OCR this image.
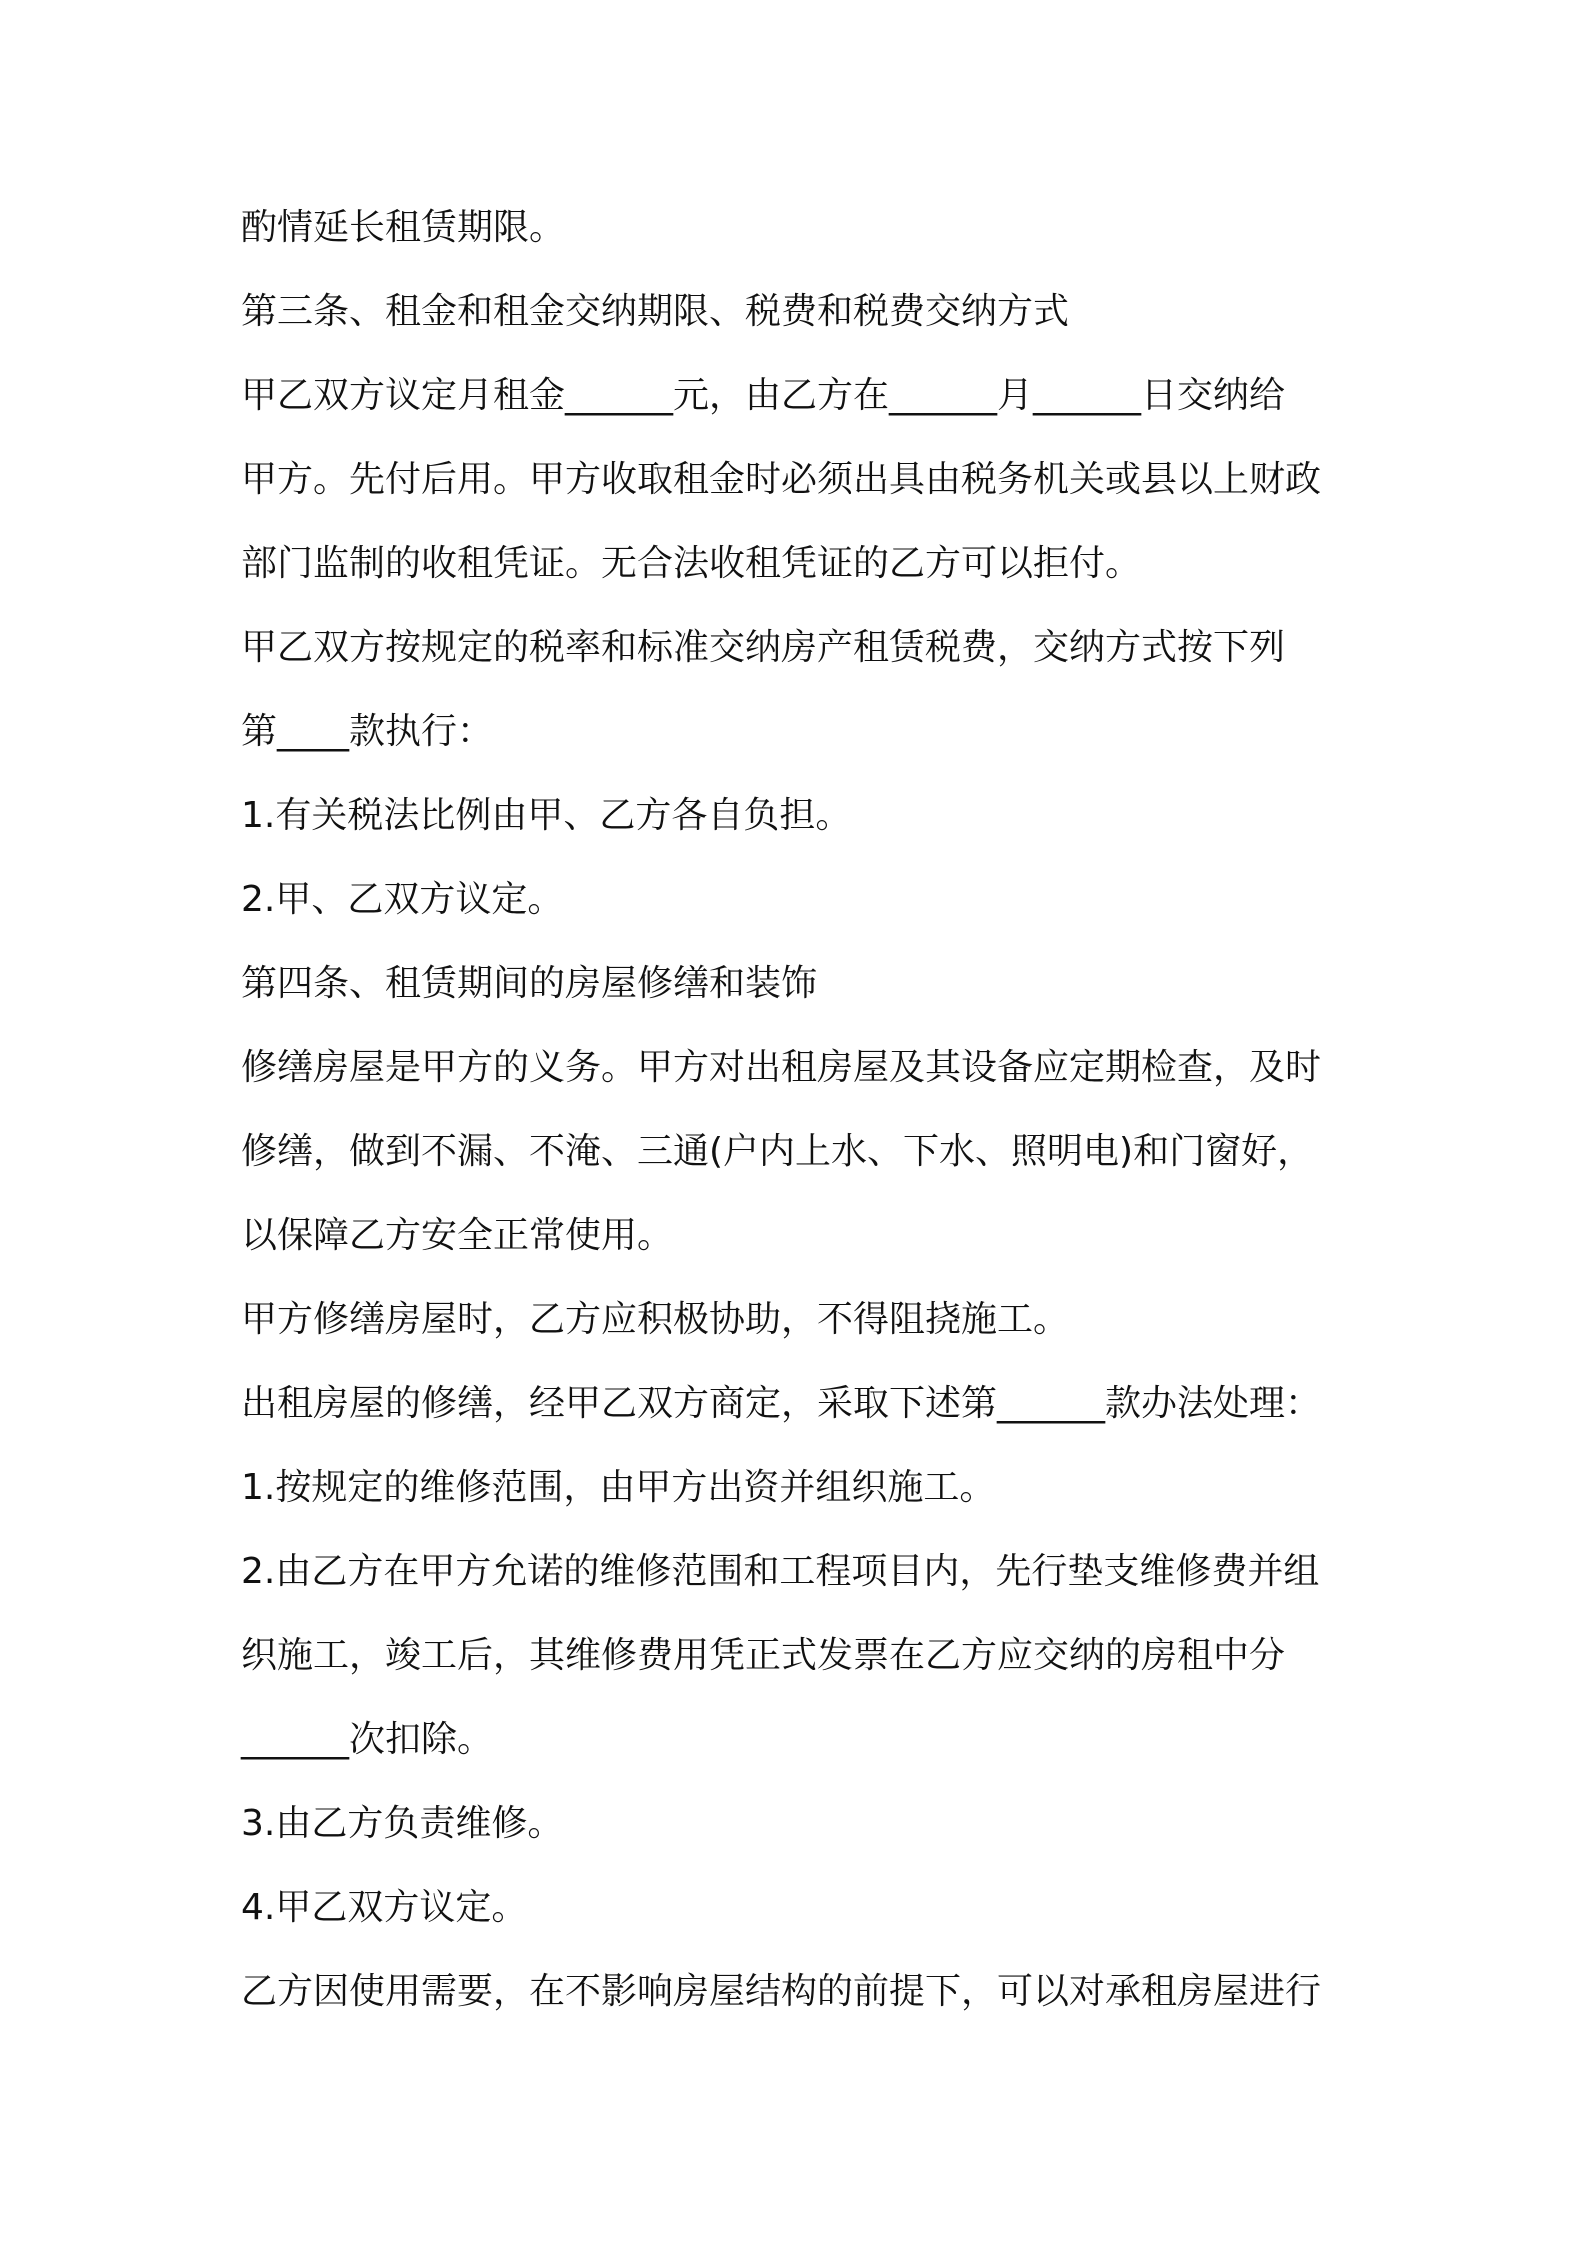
酌情延长租赁期限。
第三条、租金和租金交纳期限、税费和税费交纳方式
甲乙双方议定月租金______元，由乙方在______月______日交纳给
甲方。先付后用。甲方收取租金时必须出具由税务机关或县以上财政
部门监制的收租凭证。无合法收租凭证的乙方可以拒付。
甲乙双方按规定的税率和标准交纳房产租赁税费，交纳方式按下列
第____款执行：
1.有关税法比例由甲、乙方各自负担。
2.甲、乙双方议定。
第四条、租赁期间的房屋修缮和装饰
修缮房屋是甲方的义务。甲方对出租房屋及其设备应定期检查，及时
修缮，做到不漏、不淹、三通(户内上水、下水、照明电)和门窗好，
以保障乙方安全正常使用。
甲方修缮房屋时，乙方应积极协助，不得阻挠施工。
出租房屋的修缮，经甲乙双方商定，采取下述第______款办法处理：
1.按规定的维修范围，由甲方出资并组织施工。
2.由乙方在甲方允诺的维修范围和工程项目内，先行垫支维修费并组
织施工，竣工后，其维修费用凭正式发票在乙方应交纳的房租中分
______次扣除。
3.由乙方负责维修。
4.甲乙双方议定。
乙方因使用需要，在不影响房屋结构的前提下，可以对承租房屋进行
